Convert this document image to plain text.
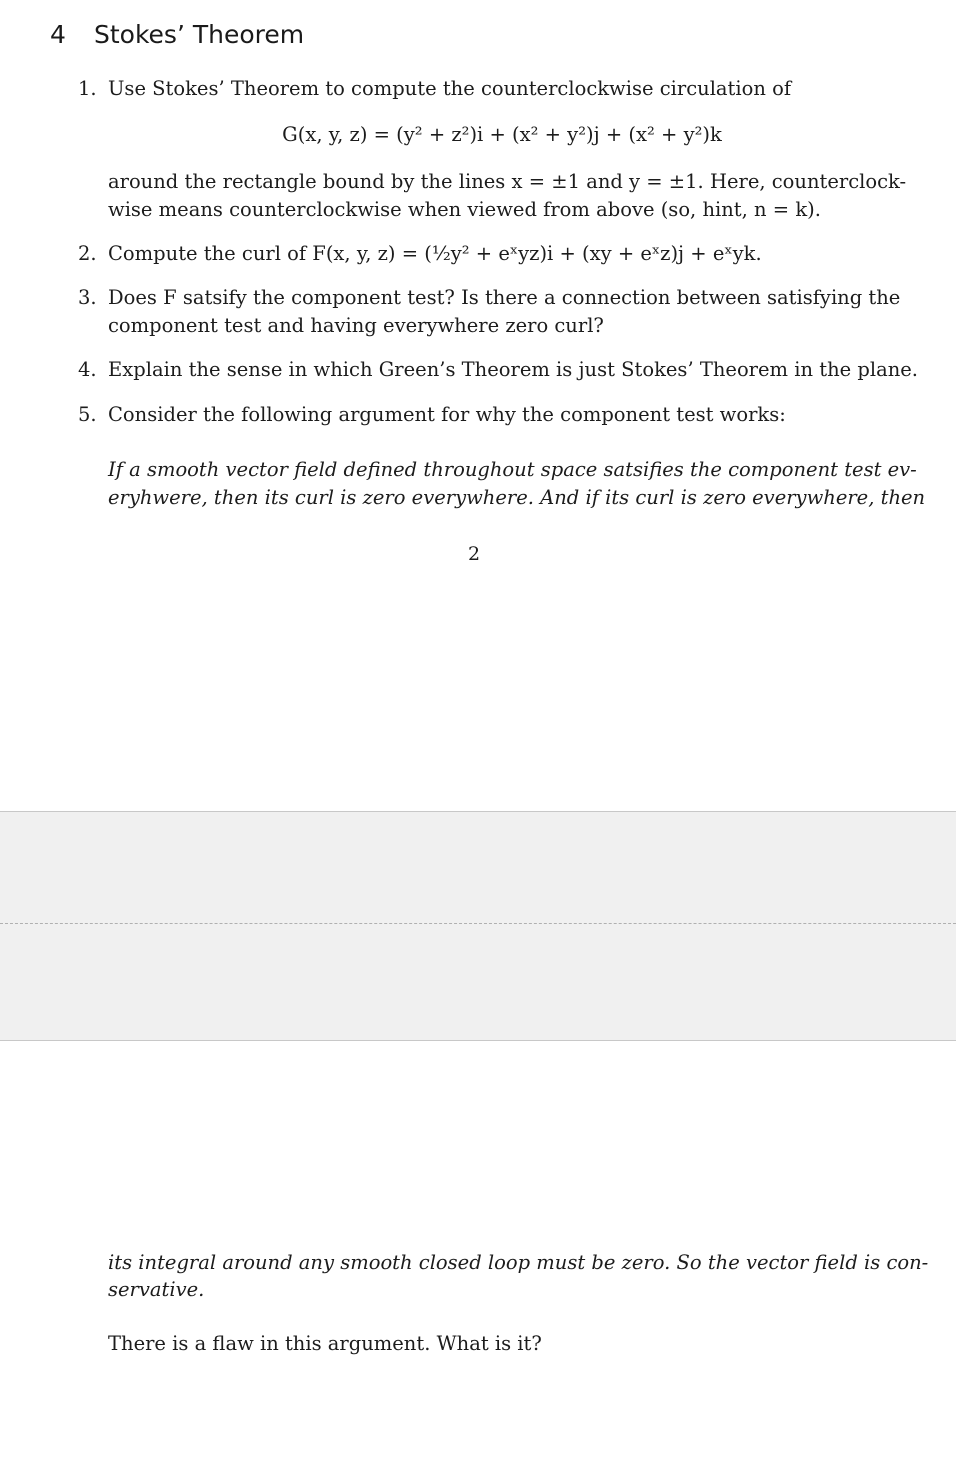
4 Stokes’ Theorem
1. Use Stokes’ Theorem to compute the counterclockwise circulation of
G(x, y, z) = (y² + z²)i + (x² + y²)j + (x² + y²)k
around the rectangle bound by the lines x = ±1 and y = ±1. Here, counterclock-
wise means counterclockwise when viewed from above (so, hint, n = k).
2. Compute the curl of F(x, y, z) = (½y² + eˣyz)i + (xy + eˣz)j + eˣyk.
3. Does F satsify the component test? Is there a connection between satisfying the
component test and having everywhere zero curl?
4. Explain the sense in which Green’s Theorem is just Stokes’ Theorem in the plane.
5. Consider the following argument for why the component test works:
If a smooth vector field defined throughout space satsifies the component test ev-
eryhwere, then its curl is zero everywhere. And if its curl is zero everywhere, then
2
its integral around any smooth closed loop must be zero. So the vector field is con-
servative.
There is a flaw in this argument. What is it?
